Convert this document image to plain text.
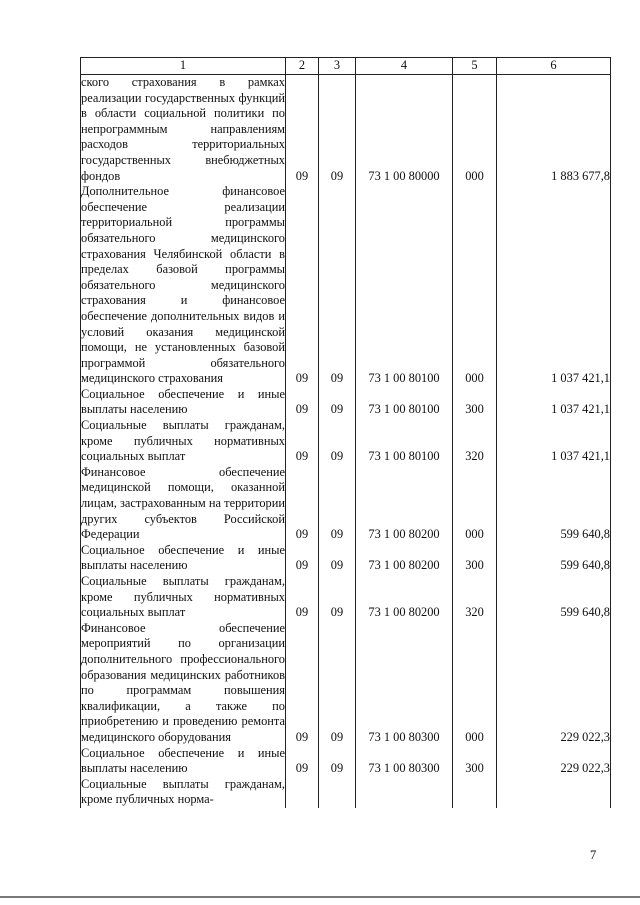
1	2	3	4	5	6
ского страхования в рамках реализации государственных функций в области социальной политики по непрограммным направлениям расходов территориальных государственных внебюджетных фондов	09	09	73 1 00 80000	000	1 883 677,8
Дополнительное финансовое обеспечение реализации территориальной программы обязательного медицинского страхования Челябинской области в пределах базовой программы обязательного медицинского страхования и финансовое обеспечение дополнительных видов и условий оказания медицинской помощи, не установленных базовой программой обязательного медицинского страхования	09	09	73 1 00 80100	000	1 037 421,1
Социальное обеспечение и иные выплаты населению	09	09	73 1 00 80100	300	1 037 421,1
Социальные выплаты гражданам, кроме публичных нормативных социальных выплат	09	09	73 1 00 80100	320	1 037 421,1
Финансовое обеспечение медицинской помощи, оказанной лицам, застрахованным на территории других субъектов Российской Федерации	09	09	73 1 00 80200	000	599 640,8
Социальное обеспечение и иные выплаты населению	09	09	73 1 00 80200	300	599 640,8
Социальные выплаты гражданам, кроме публичных нормативных социальных выплат	09	09	73 1 00 80200	320	599 640,8
Финансовое обеспечение мероприятий по организации дополнительного профессионального образования медицинских работников по программам повышения квалификации, а также по приобретению и проведению ремонта медицинского оборудования	09	09	73 1 00 80300	000	229 022,3
Социальное обеспечение и иные выплаты населению	09	09	73 1 00 80300	300	229 022,3
Социальные выплаты гражданам, кроме публичных норма-					
7
